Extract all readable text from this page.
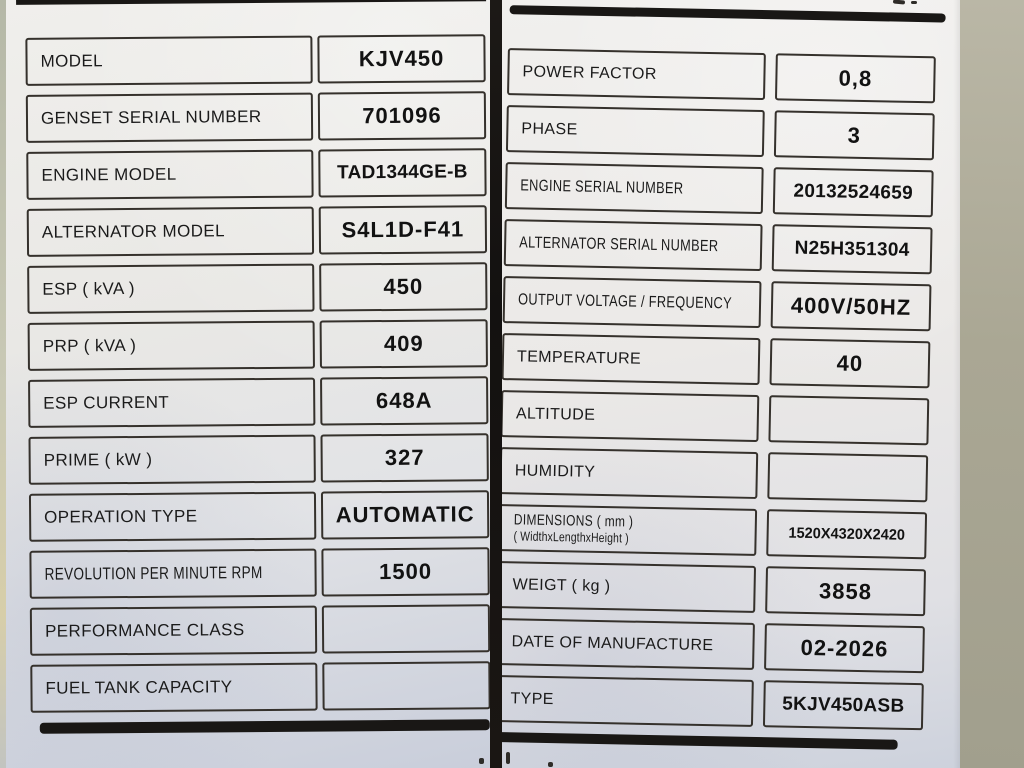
MODEL	KJV450
GENSET SERIAL NUMBER	701096
ENGINE MODEL	TAD1344GE-B
ALTERNATOR MODEL	S4L1D-F41
ESP ( kVA )	450
PRP ( kVA )	409
ESP CURRENT	648A
PRIME ( kW )	327
OPERATION TYPE	AUTOMATIC
REVOLUTION PER MINUTE RPM	1500
PERFORMANCE CLASS
FUEL TANK CAPACITY
POWER FACTOR	0,8
PHASE	3
ENGINE SERIAL NUMBER	20132524659
ALTERNATOR SERIAL NUMBER	N25H351304
OUTPUT VOLTAGE / FREQUENCY	400V/50HZ
TEMPERATURE	40
ALTITUDE
HUMIDITY
DIMENSIONS ( mm )
( WidthxLengthxHeight )	1520X4320X2420
WEIGT ( kg )	3858
DATE OF MANUFACTURE	02-2026
TYPE	5KJV450ASB
